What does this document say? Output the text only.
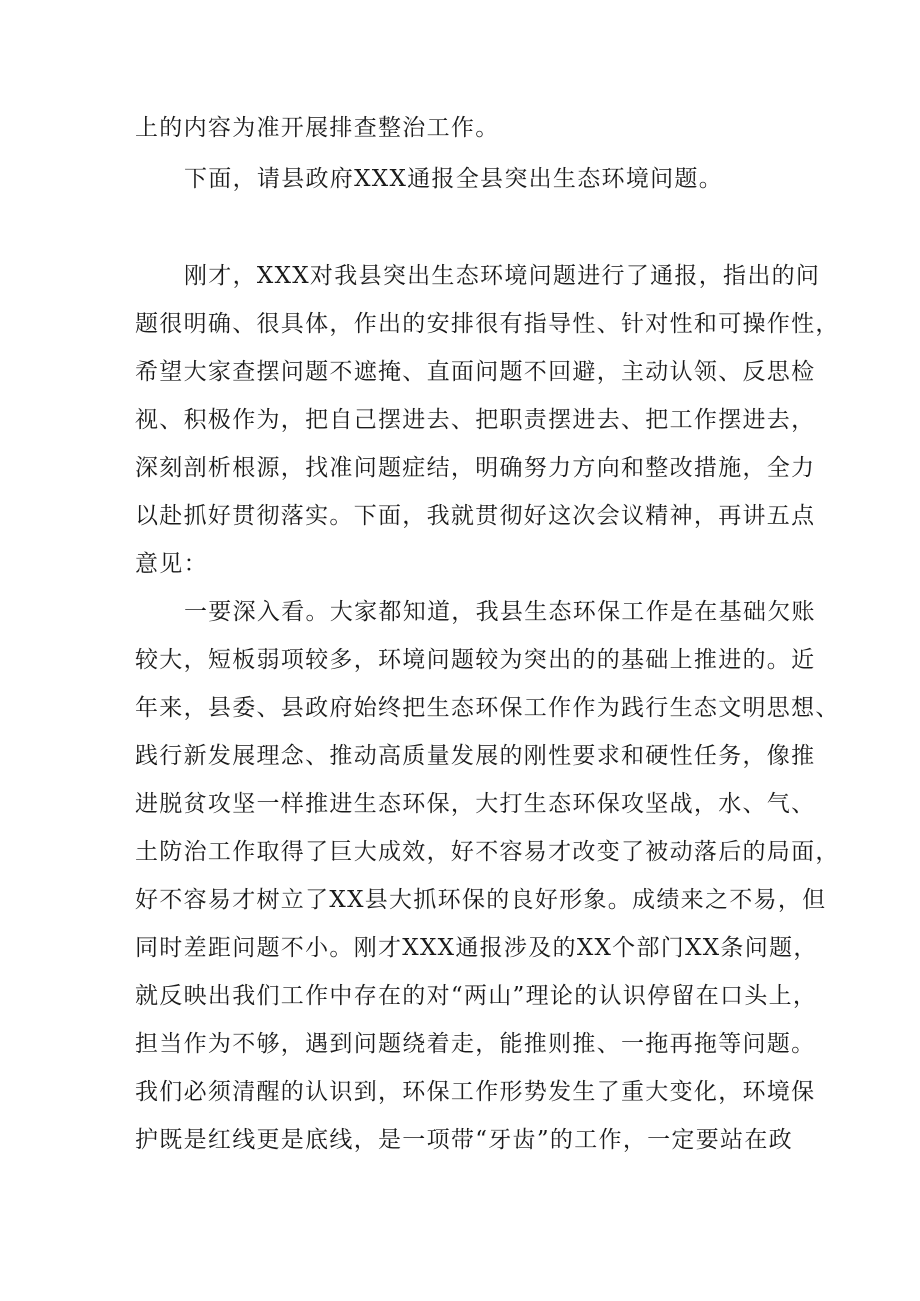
上的内容为准开展排查整治工作。
下面，请县政府XXX通报全县突出生态环境问题。
刚才，XXX对我县突出生态环境问题进行了通报，指出的问
题很明确、很具体，作出的安排很有指导性、针对性和可操作性，
希望大家查摆问题不遮掩、直面问题不回避，主动认领、反思检
视、积极作为，把自己摆进去、把职责摆进去、把工作摆进去，
深刻剖析根源，找准问题症结，明确努力方向和整改措施，全力
以赴抓好贯彻落实。下面，我就贯彻好这次会议精神，再讲五点
意见：
一要深入看。大家都知道，我县生态环保工作是在基础欠账
较大，短板弱项较多，环境问题较为突出的的基础上推进的。近
年来，县委、县政府始终把生态环保工作作为践行生态文明思想、
践行新发展理念、推动高质量发展的刚性要求和硬性任务，像推
进脱贫攻坚一样推进生态环保，大打生态环保攻坚战，水、气、
土防治工作取得了巨大成效，好不容易才改变了被动落后的局面，
好不容易才树立了XX县大抓环保的良好形象。成绩来之不易，但
同时差距问题不小。刚才XXX通报涉及的XX个部门XX条问题，
就反映出我们工作中存在的对“两山”理论的认识停留在口头上，
担当作为不够，遇到问题绕着走，能推则推、一拖再拖等问题。
我们必须清醒的认识到，环保工作形势发生了重大变化，环境保
护既是红线更是底线，是一项带“牙齿”的工作，一定要站在政
